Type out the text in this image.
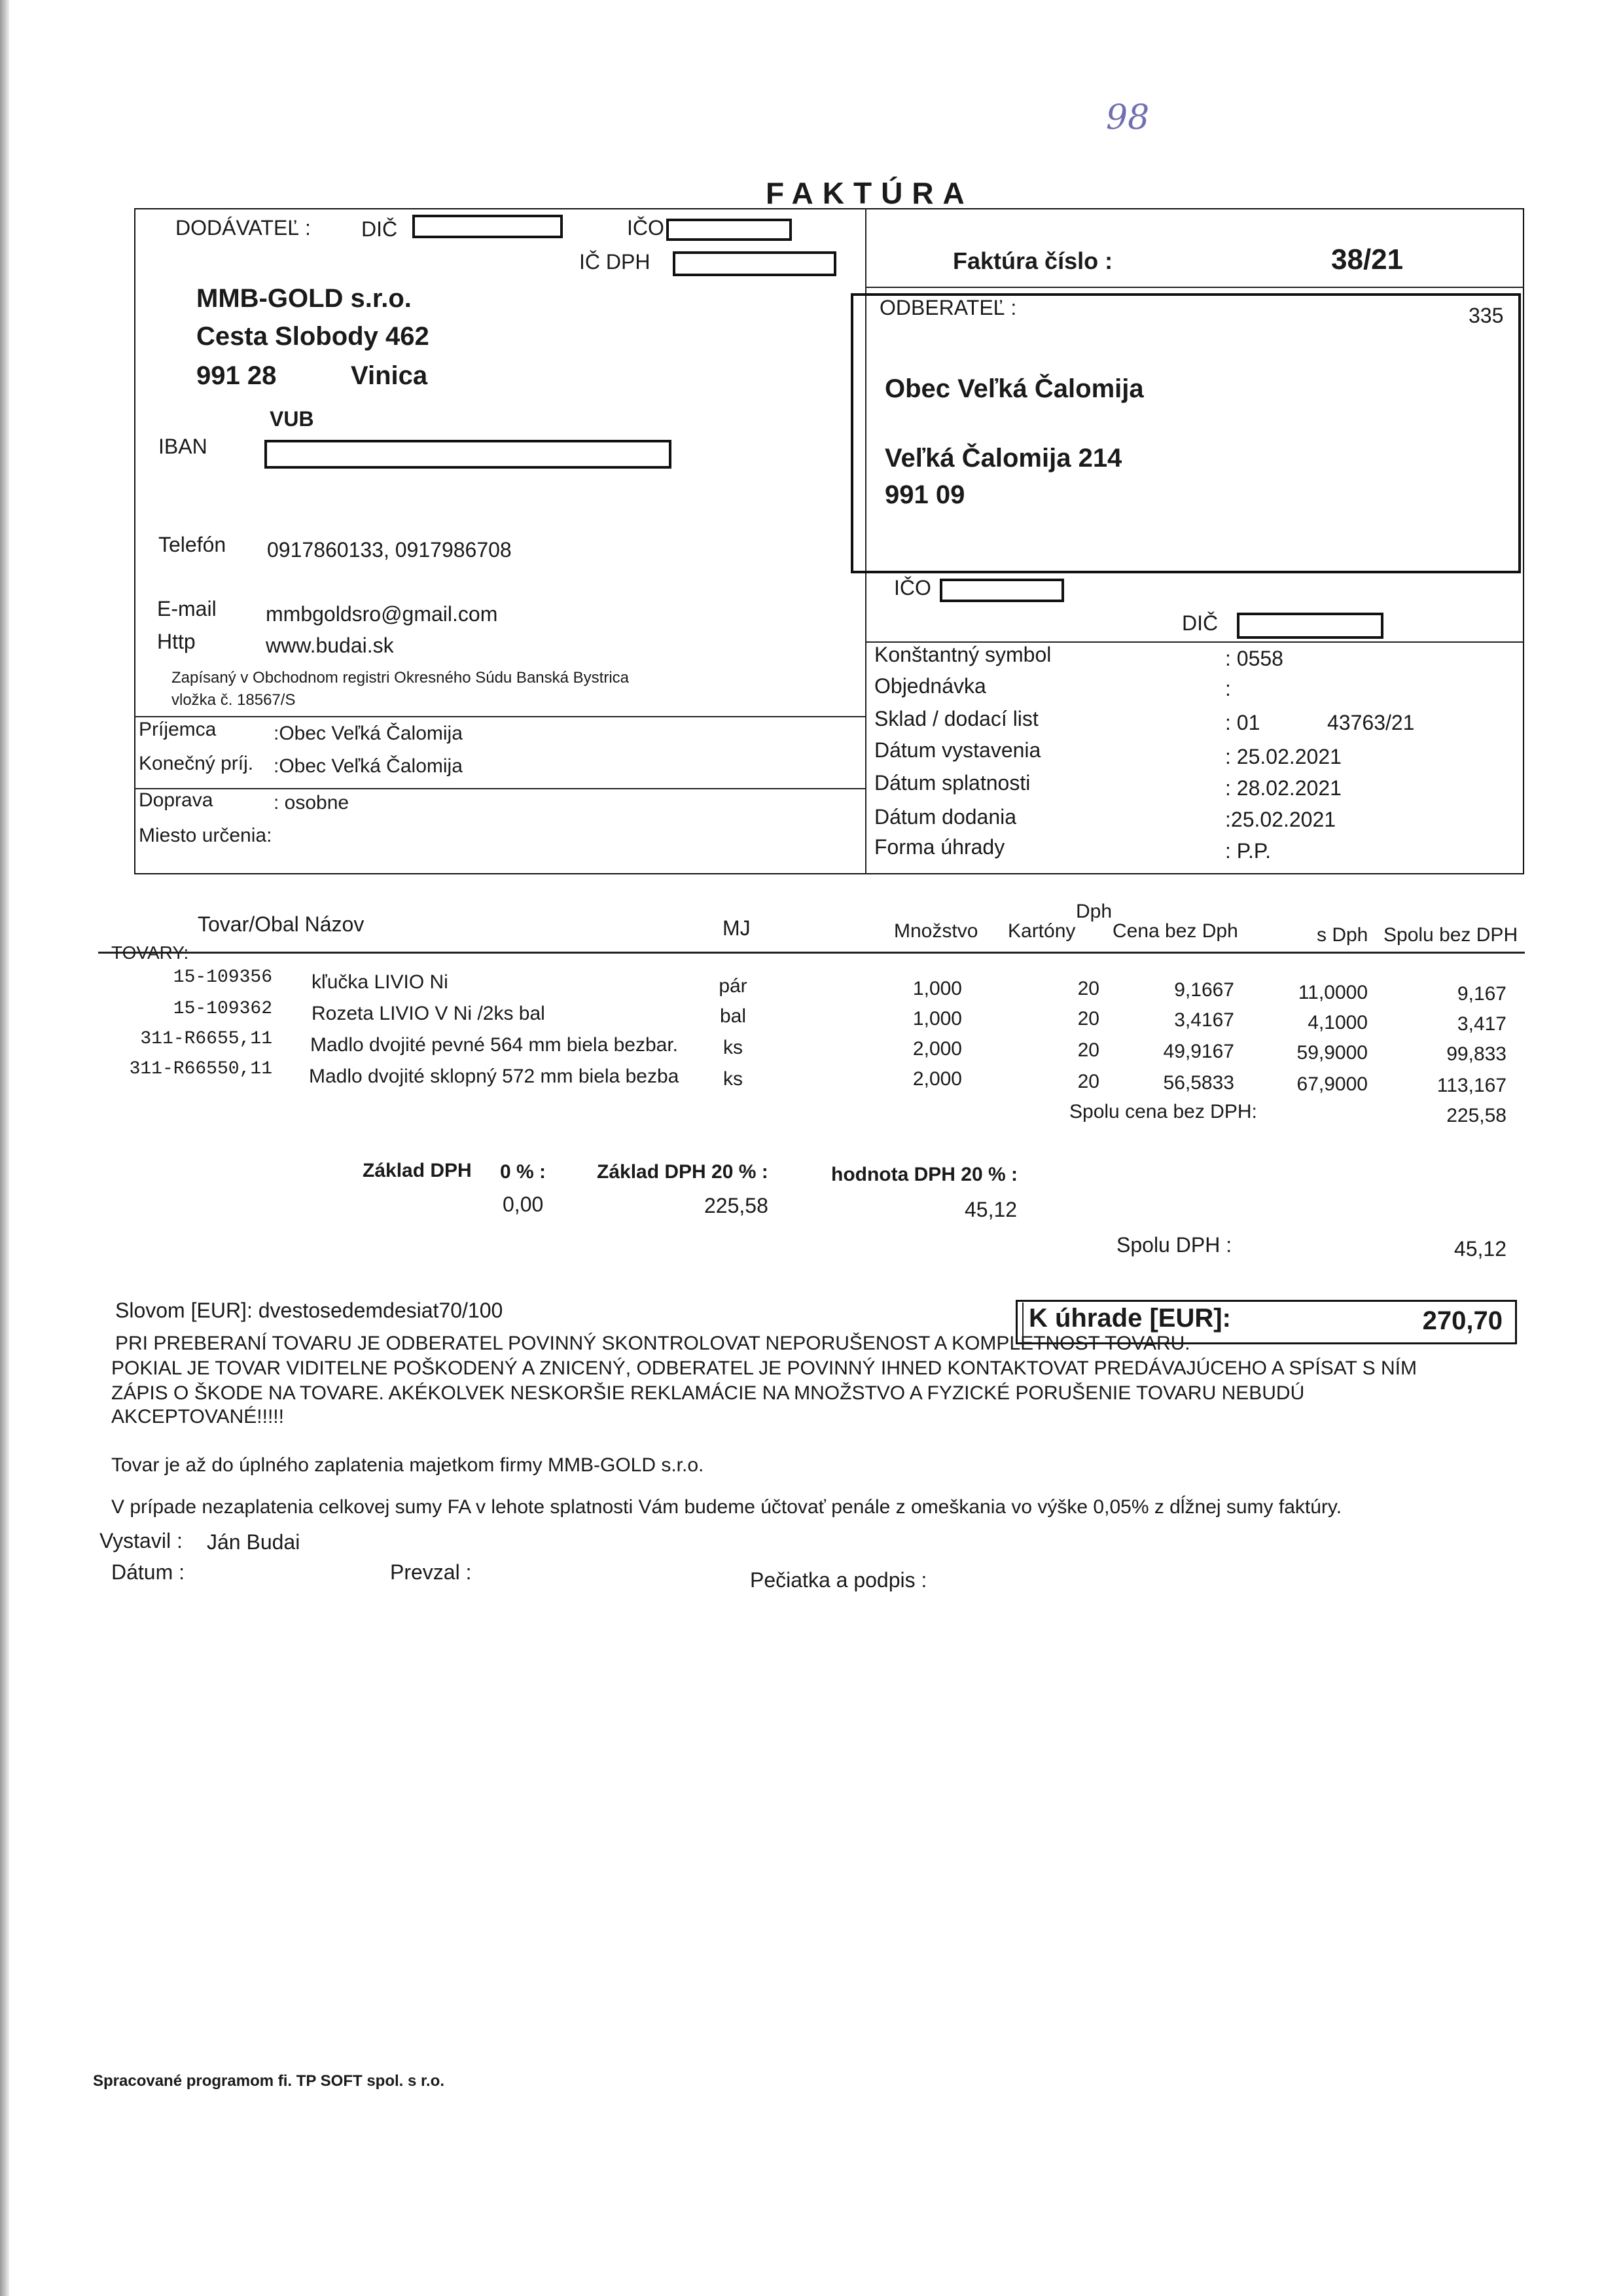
98
FAKTÚRA
DODÁVATEĽ : DIČ	IČO
IČ DPH
MMB-GOLD s.r.o.
Cesta Slobody 462
991 28	Vinica
VUB
IBAN
Telefón 0917860133, 0917986708
E-mail mmbgoldsro@gmail.com
Http	www.budai.sk
Zapísaný v Obchodnom registri Okresného Súdu Banská Bystrica
vložka č. 18567/S
Príjemca	:Obec Veľká Čalomija
Konečný príj. :Obec Veľká Čalomija
Doprava	: osobne
Miesto určenia:
Faktúra číslo :	38/21
ODBERATEĽ :	335
Obec Veľká Čalomija
Veľká Čalomija 214
991 09
IČO
DIČ
Konštantný symbol	: 0558
Objednávka	:
Sklad / dodací list	: 01	43763/21
Dátum vystavenia	: 25.02.2021
Dátum splatnosti	: 28.02.2021
Dátum dodania	:25.02.2021
Forma úhrady	: P.P.
Tovar/Obal Názov	MJ	Množstvo Kartóny
Dph
Cena bez Dph	s Dph Spolu bez DPH
TOVARY:
15-109356 kľučka LIVIO Ni	pár	1,000	20	9,1667	11,0000	9,167
15-109362 Rozeta LIVIO V Ni /2ks bal	bal	1,000	20	3,4167	4,1000	3,417
311-R6655,11 Madlo dvojité pevné 564 mm biela bezbar.	ks	2,000	20	49,9167	59,9000	99,833
311-R66550,11 Madlo dvojité sklopný 572 mm biela bezba	ks	2,000	20	56,5833	67,9000	113,167
Spolu cena bez DPH:	225,58
Základ DPH 0 % :
0,00
Základ DPH 20 % :
225,58
hodnota DPH 20 % :
45,12
Spolu DPH :	45,12
Slovom [EUR]: dvestosedemdesiat70/100	K úhrade [EUR]:	270,70
PRI PREBERANÍ TOVARU JE ODBERATEL POVINNÝ SKONTROLOVAT NEPORUŠENOST A KOMPLETNOST TOVARU.
POKIAL JE TOVAR VIDITELNE POŠKODENÝ A ZNICENÝ, ODBERATEL JE POVINNÝ IHNED KONTAKTOVAT PREDÁVAJÚCEHO A SPÍSAT S NÍM
ZÁPIS O ŠKODE NA TOVARE. AKÉKOLVEK NESKORŠIE REKLAMÁCIE NA MNOŽSTVO A FYZICKÉ PORUŠENIE TOVARU NEBUDÚ
AKCEPTOVANÉ!!!!!
Tovar je až do úplného zaplatenia majetkom firmy MMB-GOLD s.r.o.
V prípade nezaplatenia celkovej sumy FA v lehote splatnosti Vám budeme účtovať penále z omeškania vo výške 0,05% z dĺžnej sumy faktúry.
Vystavil : Ján Budai
Dátum :	Prevzal :	Pečiatka a podpis :
Spracované programom fi. TP SOFT spol. s r.o.
